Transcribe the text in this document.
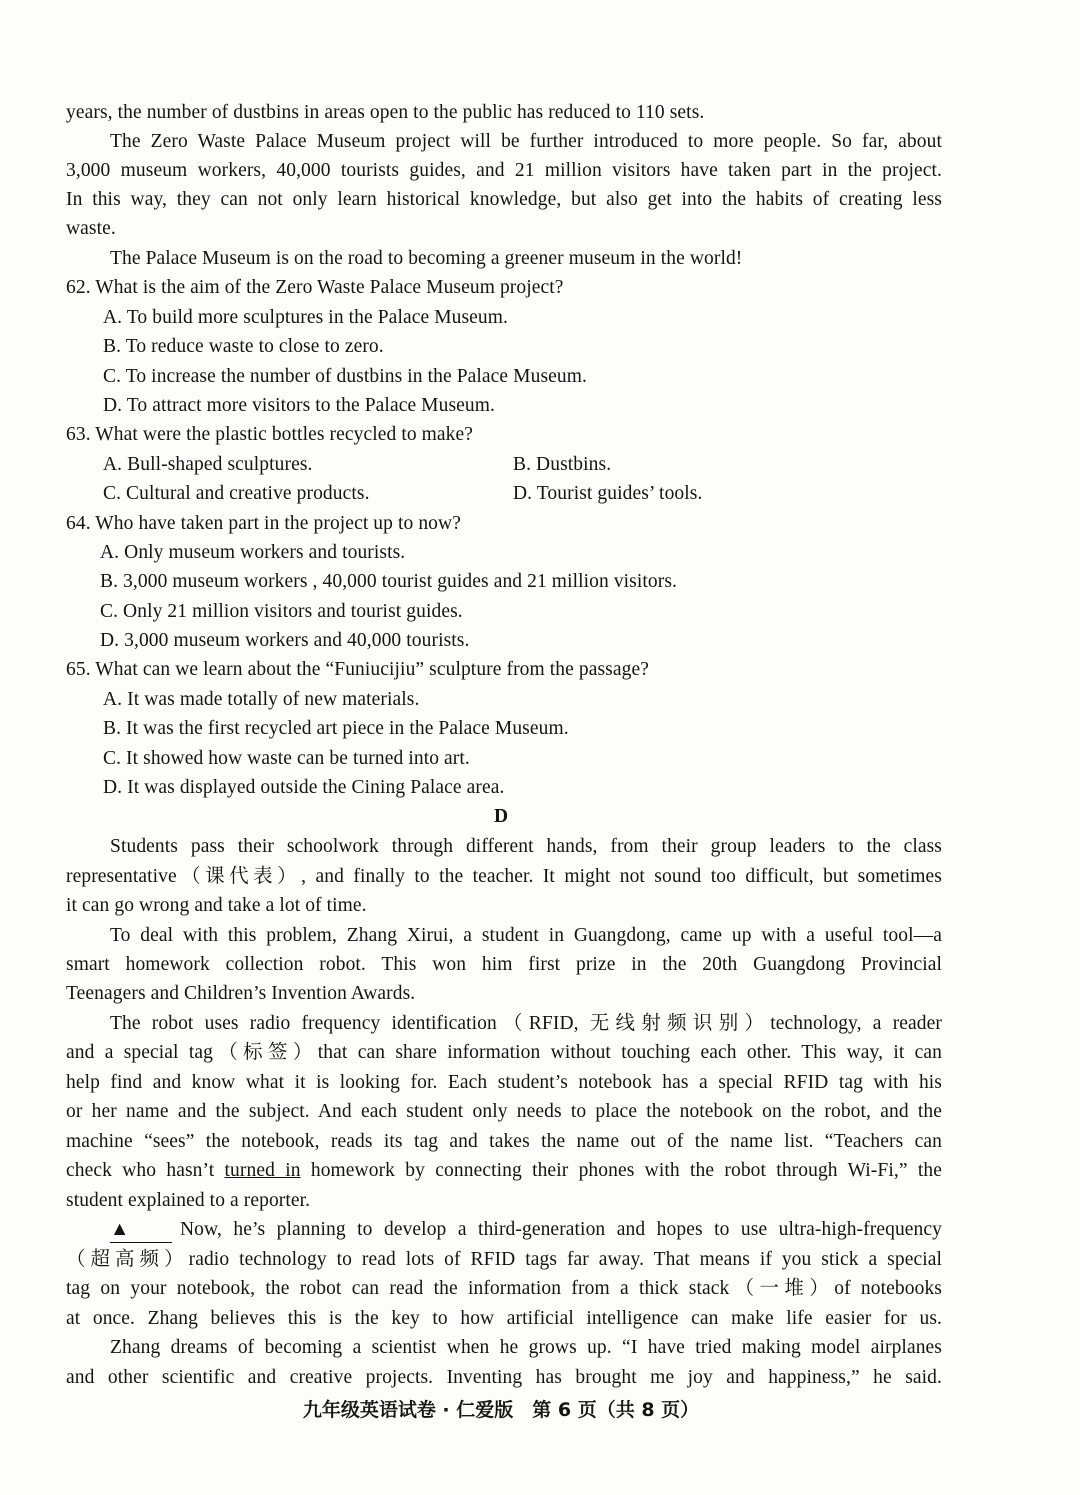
years, the number of dustbins in areas open to the public has reduced to 110 sets.
The Zero Waste Palace Museum project will be further introduced to more people. So far, about
3,000 museum workers, 40,000 tourists guides, and 21 million visitors have taken part in the project.
In this way, they can not only learn historical knowledge, but also get into the habits of creating less
waste.
The Palace Museum is on the road to becoming a greener museum in the world!
62. What is the aim of the Zero Waste Palace Museum project?
A. To build more sculptures in the Palace Museum.
B. To reduce waste to close to zero.
C. To increase the number of dustbins in the Palace Museum.
D. To attract more visitors to the Palace Museum.
63. What were the plastic bottles recycled to make?
A. Bull-shaped sculptures.	B. Dustbins.
C. Cultural and creative products.	D. Tourist guides’ tools.
64. Who have taken part in the project up to now?
A. Only museum workers and tourists.
B. 3,000 museum workers , 40,000 tourist guides and 21 million visitors.
C. Only 21 million visitors and tourist guides.
D. 3,000 museum workers and 40,000 tourists.
65. What can we learn about the “Funiucijiu” sculpture from the passage?
A. It was made totally of new materials.
B. It was the first recycled art piece in the Palace Museum.
C. It showed how waste can be turned into art.
D. It was displayed outside the Cining Palace area.
D
Students pass their schoolwork through different hands, from their group leaders to the class
representative（课代表）, and finally to the teacher. It might not sound too difficult, but sometimes
it can go wrong and take a lot of time.
To deal with this problem, Zhang Xirui, a student in Guangdong, came up with a useful tool—a
smart homework collection robot. This won him first prize in the 20th Guangdong Provincial
Teenagers and Children’s Invention Awards.
The robot uses radio frequency identification（RFID, 无线射频识别）technology, a reader
and a special tag（标签）that can share information without touching each other. This way, it can
help find and know what it is looking for. Each student’s notebook has a special RFID tag with his
or her name and the subject. And each student only needs to place the notebook on the robot, and the
machine “sees” the notebook, reads its tag and takes the name out of the name list. “Teachers can
check who hasn’t turned in homework by connecting their phones with the robot through Wi-Fi,” the
student explained to a reporter.
▲	Now, he’s planning to develop a third-generation and hopes to use ultra-high-frequency
（超高频）radio technology to read lots of RFID tags far away. That means if you stick a special
tag on your notebook, the robot can read the information from a thick stack（一堆）of notebooks
at once. Zhang believes this is the key to how artificial intelligence can make life easier for us.
Zhang dreams of becoming a scientist when he grows up. “I have tried making model airplanes
and other scientific and creative projects. Inventing has brought me joy and happiness,” he said.
九年级英语试卷 · 仁爱版　第 6 页（共 8 页）
